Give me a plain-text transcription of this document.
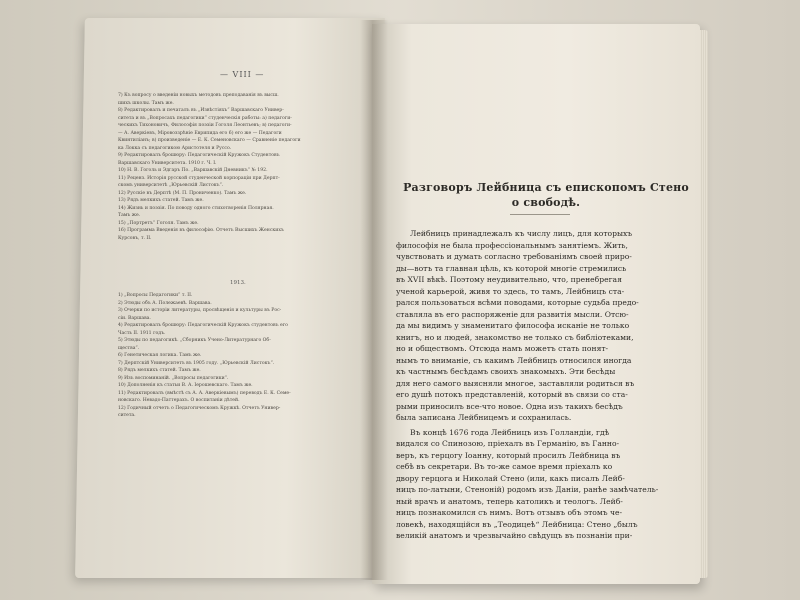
— VIII —
7) Къ вопросу о введеніи новыхъ методовъ преподаванія въ высш.
шихъ школы. Тамъ же.
8) Редактировалъ и печаталъ въ „Извѣстіяхъ“ Варшавскаго Универ-
ситета и въ „Вопросахъ педагогики“ студенческія работы: а) педагоги-
ческихъ Тихоновичъ, Философія поэзіи Гоголя Леонтьевъ; в) педагоги-
— А. Аверкіевъ, Міровоззрѣніе Еврипида его 6) его же — Педагоги
Квинтиліанъ; в) произведеніе — Е. К. Семеновскаго — Сравненіе педагоги
ка Локка съ педагогикою Аристотеля и Руссо.
9) Редактировалъ брошюру: Педагогическій Кружокъ Студентовъ
Варшавскаго Университета. 1910 г. Ч. I.
10) Н. В. Гоголь и Эдгаръ По. „Варшавскій Дневникъ“ № 192.
11) Реценз. Исторія русской студенческой корпораціи при Дерпт-
скомъ университетѣ „Юрьевскій Листокъ“.
12) Русскіе въ Дерптѣ (М. П. Прониченко). Тамъ же.
13) Рядъ мелкихъ статей. Тамъ же.
14) Жизнь и поэзія. По поводу одного стихотворенія Полярная.
Тамъ же.
15) „Портретъ“ Гоголя. Тамъ же.
16) Программа Введенія въ философію. Отчетъ Высшихъ Женскихъ
Курсовъ, т. II.
1913.
1) „Вопросы Педагогики“ т. II.
2) Этюды объ А. Полежаевѣ. Варшава.
3) Очерки по исторіи литературы, просвѣщенія и культуры въ Рос-
сіи. Варшава.
4) Редактировалъ брошюру: Педагогическій Кружокъ студентовъ его
Часть II. 1911 годъ.
5) Этюды по педагогикѣ. „Сборникъ Учено-Литературнаго Об-
щества“.
6) Генетическая логика. Тамъ же.
7) Дерптскій Университетъ въ 1905 году. „Юрьевскій Листокъ“.
8) Рядъ мелкихъ статей. Тамъ же.
9) Изъ воспоминаній. „Вопросы педагогики“.
10) Дополненія къ статьи В. А. Іерошевскаго. Тамъ же.
11) Редактировалъ (вмѣстѣ съ А. А. Аверкіевымъ) переводъ Е. К. Семе-
новскаго. Невадо-Паттерахъ. О воспитаніи дѣтей.
12) Годичный отчетъ о Педагогическомъ Кружкѣ. Отчетъ Универ-
ситета.
Разговоръ Лейбница съ епископомъ Стено
о свободѣ.
Лейбницъ принадлежалъ къ числу лицъ, для которыхъ
философія не была профессіональнымъ занятіемъ. Жить,
чувствовать и думать согласно требованіямъ своей приро-
ды—вотъ та главная цѣль, къ которой многіе стремились
въ XVII вѣкѣ. Поэтому неудивительно, что, пренебрегая
ученой карьерой, живя то здесь, то тамъ, Лейбницъ ста-
рался пользоваться всѣми поводами, которые судьба предо-
ставляла въ его распоряженіе для развитія мысли. Отсю-
да мы видимъ у знаменитаго философа исканіе не только
книгъ, но и людей, знакомство не только съ библіотеками,
но и обществомъ. Отсюда намъ можетъ стать понят-
нымъ то вниманіе, съ какимъ Лейбницъ относился иногда
къ частнымъ бесѣдамъ своихъ знакомыхъ. Эти бесѣды
для него самого выясняли многое, заставляли родиться въ
его душѣ потокъ представленій, который въ связи со ста-
рыми приносилъ все-что новое. Одна изъ такихъ бесѣдъ
была записана Лейбницемъ и сохранилась.
Въ концѣ 1676 года Лейбницъ изъ Голландіи, гдѣ
видался со Спинозою, пріехалъ въ Германію, въ Ганно-
веръ, къ герцогу Іоанну, который просилъ Лейбница въ
себѣ въ секретари. Въ то-же самое время пріехалъ ко
двору герцога и Николай Стено (или, какъ писалъ Лейб-
ницъ по-латыни, Стенонiй) родомъ изъ Даніи, ранѣе замѣчатель-
ный врачъ и анатомъ, теперь католикъ и теологъ. Лейб-
ницъ познакомился съ нимъ. Вотъ отзывъ объ этомъ че-
ловекѣ, находящійся въ „Теодицеѣ“ Лейбница: Стено „былъ
великій анатомъ и чрезвычайно свѣдущъ въ познаніи при-
